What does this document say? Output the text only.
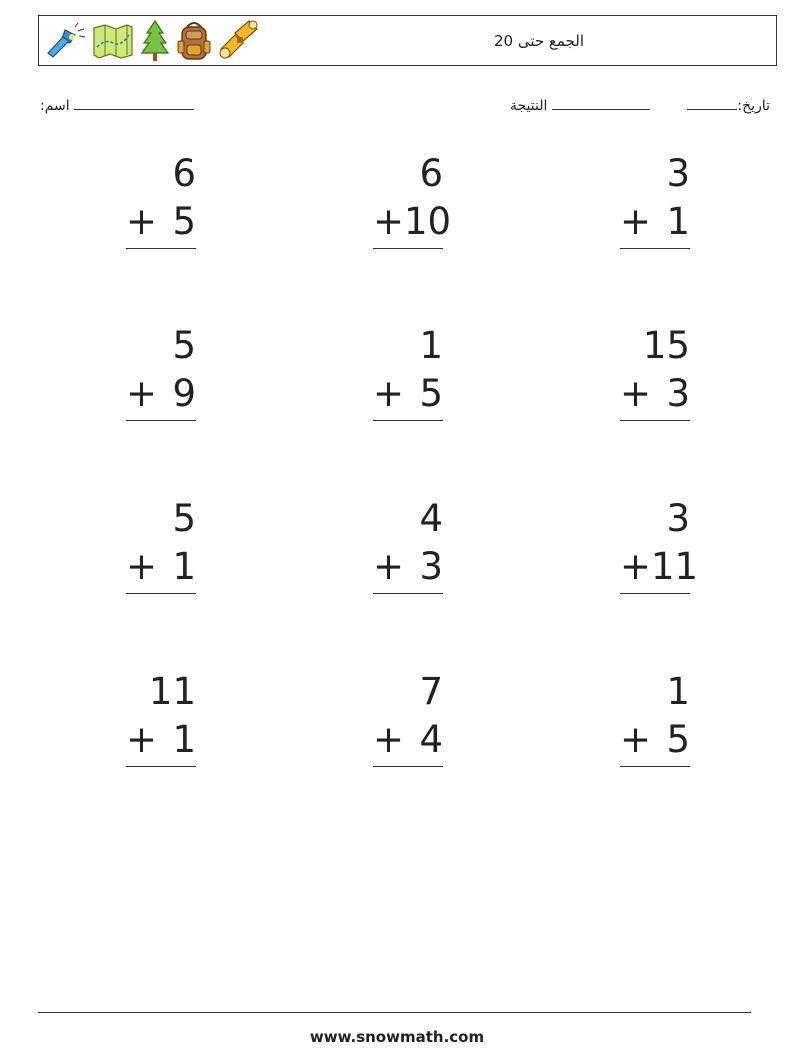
الجمع حتى 20
:تاريخ
النتيجة
:اسم
3
+ 1
6
+ 10
6
+ 5
15
+ 3
1
+ 5
5
+ 9
3
+ 11
4
+ 3
5
+ 1
1
+ 5
7
+ 4
11
+ 1
www.snowmath.com
